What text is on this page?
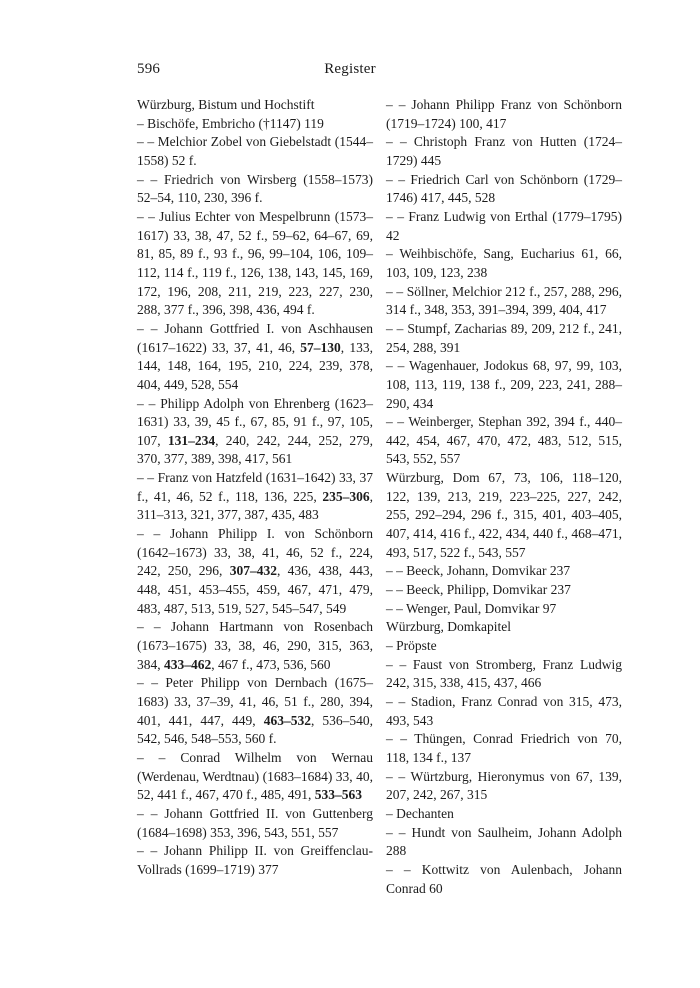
596	Register
Würzburg, Bistum und Hochstift
– Bischöfe, Embricho (†1147) 119
– – Melchior Zobel von Giebelstadt (1544–1558) 52 f.
– – Friedrich von Wirsberg (1558–1573) 52–54, 110, 230, 396 f.
– – Julius Echter von Mespelbrunn (1573–1617) 33, 38, 47, 52 f., 59–62, 64–67, 69, 81, 85, 89 f., 93 f., 96, 99–104, 106, 109–112, 114 f., 119 f., 126, 138, 143, 145, 169, 172, 196, 208, 211, 219, 223, 227, 230, 288, 377 f., 396, 398, 436, 494 f.
– – Johann Gottfried I. von Aschhausen (1617–1622) 33, 37, 41, 46, 57–130, 133, 144, 148, 164, 195, 210, 224, 239, 378, 404, 449, 528, 554
– – Philipp Adolph von Ehrenberg (1623–1631) 33, 39, 45 f., 67, 85, 91 f., 97, 105, 107, 131–234, 240, 242, 244, 252, 279, 370, 377, 389, 398, 417, 561
– – Franz von Hatzfeld (1631–1642) 33, 37 f., 41, 46, 52 f., 118, 136, 225, 235–306, 311–313, 321, 377, 387, 435, 483
– – Johann Philipp I. von Schönborn (1642–1673) 33, 38, 41, 46, 52 f., 224, 242, 250, 296, 307–432, 436, 438, 443, 448, 451, 453–455, 459, 467, 471, 479, 483, 487, 513, 519, 527, 545–547, 549
– – Johann Hartmann von Rosenbach (1673–1675) 33, 38, 46, 290, 315, 363, 384, 433–462, 467 f., 473, 536, 560
– – Peter Philipp von Dernbach (1675–1683) 33, 37–39, 41, 46, 51 f., 280, 394, 401, 441, 447, 449, 463–532, 536–540, 542, 546, 548–553, 560 f.
– – Conrad Wilhelm von Wernau (Werdenau, Werdtnau) (1683–1684) 33, 40, 52, 441 f., 467, 470 f., 485, 491, 533–563
– – Johann Gottfried II. von Guttenberg (1684–1698) 353, 396, 543, 551, 557
– – Johann Philipp II. von Greiffenclau-Vollrads (1699–1719) 377
– – Johann Philipp Franz von Schönborn (1719–1724) 100, 417
– – Christoph Franz von Hutten (1724–1729) 445
– – Friedrich Carl von Schönborn (1729–1746) 417, 445, 528
– – Franz Ludwig von Erthal (1779–1795) 42
– Weihbischöfe, Sang, Eucharius 61, 66, 103, 109, 123, 238
– – Söllner, Melchior 212 f., 257, 288, 296, 314 f., 348, 353, 391–394, 399, 404, 417
– – Stumpf, Zacharias 89, 209, 212 f., 241, 254, 288, 391
– – Wagenhauer, Jodokus 68, 97, 99, 103, 108, 113, 119, 138 f., 209, 223, 241, 288–290, 434
– – Weinberger, Stephan 392, 394 f., 440–442, 454, 467, 470, 472, 483, 512, 515, 543, 552, 557
Würzburg, Dom 67, 73, 106, 118–120, 122, 139, 213, 219, 223–225, 227, 242, 255, 292–294, 296 f., 315, 401, 403–405, 407, 414, 416 f., 422, 434, 440 f., 468–471, 493, 517, 522 f., 543, 557
– – Beeck, Johann, Domvikar 237
– – Beeck, Philipp, Domvikar 237
– – Wenger, Paul, Domvikar 97
Würzburg, Domkapitel
– Pröpste
– – Faust von Stromberg, Franz Ludwig 242, 315, 338, 415, 437, 466
– – Stadion, Franz Conrad von 315, 473, 493, 543
– – Thüngen, Conrad Friedrich von 70, 118, 134 f., 137
– – Würtzburg, Hieronymus von 67, 139, 207, 242, 267, 315
– Dechanten
– – Hundt von Saulheim, Johann Adolph 288
– – Kottwitz von Aulenbach, Johann Conrad 60
